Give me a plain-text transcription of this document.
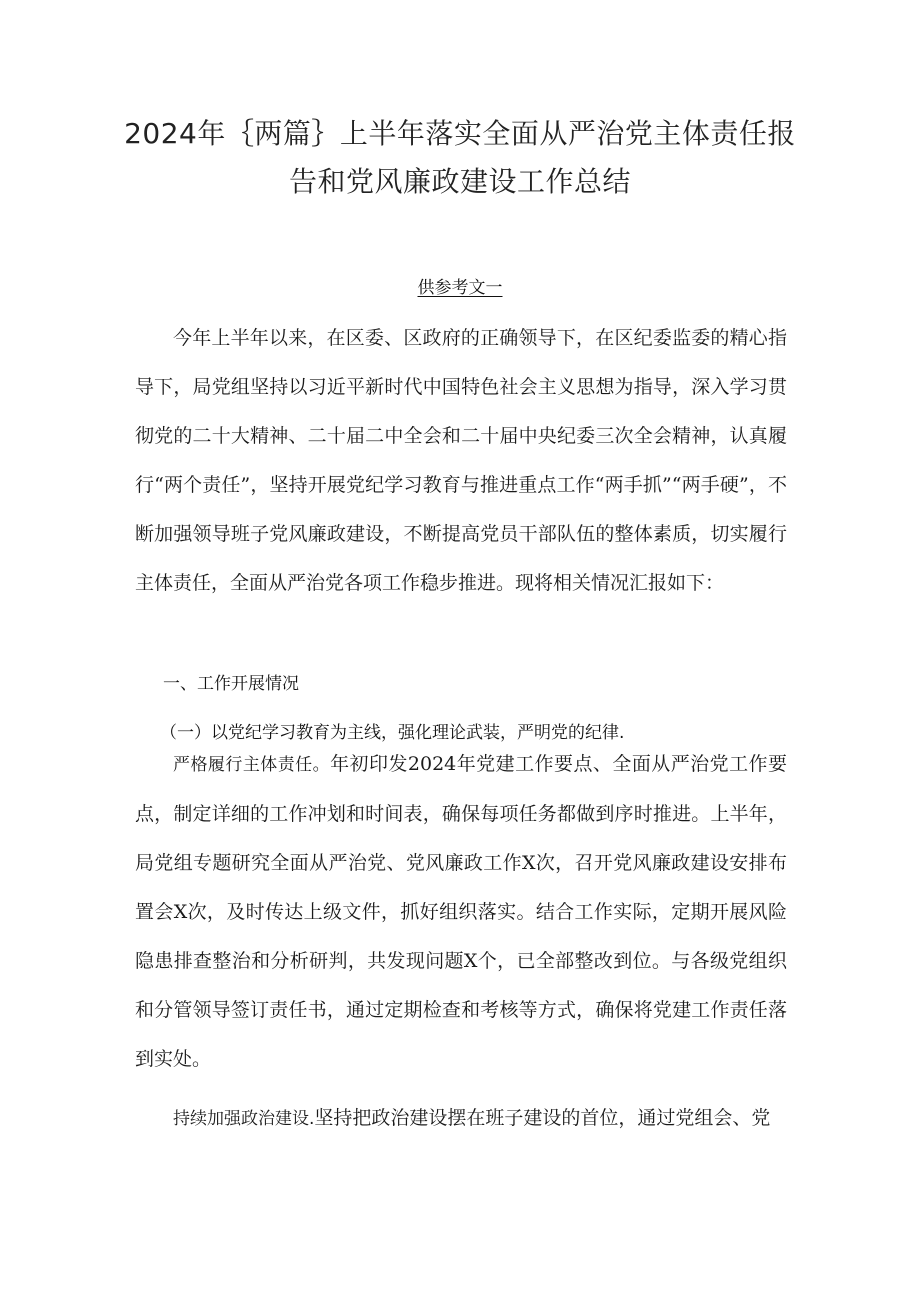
2024年｛两篇｝上半年落实全面从严治党主体责任报
告和党风廉政建设工作总结
供参考文一

今年上半年以来，在区委、区政府的正确领导下，在区纪委监委的精心指导下，局党组坚持以习近平新时代中国特色社会主义思想为指导，深入学习贯彻党的二十大精神、二十届二中全会和二十届中央纪委三次全会精神，认真履行“两个责任”，坚持开展党纪学习教育与推进重点工作“两手抓”“两手硬”，不断加强领导班子党风廉政建设，不断提高党员干部队伍的整体素质，切实履行主体责任，全面从严治党各项工作稳步推进。现将相关情况汇报如下：

一、工作开展情况
（一）以党纪学习教育为主线，强化理论武装，严明党的纪律.

严格履行主体责任。年初印发2024年党建工作要点、全面从严治党工作要点，制定详细的工作冲划和时间表，确保每项任务都做到序时推进。上半年，局党组专题研究全面从严治党、党风廉政工作X次，召开党风廉政建设安排布置会X次，及时传达上级文件，抓好组织落实。结合工作实际，定期开展风险隐患排查整治和分析研判，共发现问题X个，已全部整改到位。与各级党组织和分管领导签订责任书，通过定期检查和考核等方式，确保将党建工作责任落到实处。

持续加强政治建设.坚持把政治建设摆在班子建设的首位，通过党组会、党
